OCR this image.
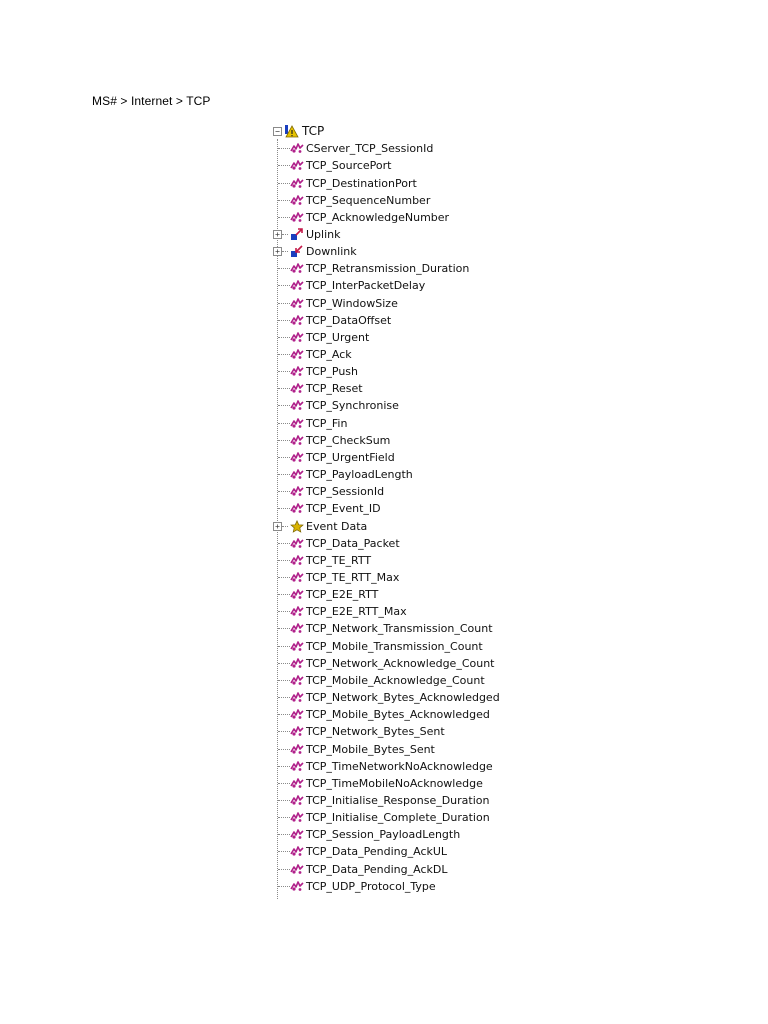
MS# > Internet > TCP
− TCP
CServer_TCP_SessionId
TCP_SourcePort
TCP_DestinationPort
TCP_SequenceNumber
TCP_AcknowledgeNumber
+ Uplink
+ Downlink
TCP_Retransmission_Duration
TCP_InterPacketDelay
TCP_WindowSize
TCP_DataOffset
TCP_Urgent
TCP_Ack
TCP_Push
TCP_Reset
TCP_Synchronise
TCP_Fin
TCP_CheckSum
TCP_UrgentField
TCP_PayloadLength
TCP_SessionId
TCP_Event_ID
+ Event Data
TCP_Data_Packet
TCP_TE_RTT
TCP_TE_RTT_Max
TCP_E2E_RTT
TCP_E2E_RTT_Max
TCP_Network_Transmission_Count
TCP_Mobile_Transmission_Count
TCP_Network_Acknowledge_Count
TCP_Mobile_Acknowledge_Count
TCP_Network_Bytes_Acknowledged
TCP_Mobile_Bytes_Acknowledged
TCP_Network_Bytes_Sent
TCP_Mobile_Bytes_Sent
TCP_TimeNetworkNoAcknowledge
TCP_TimeMobileNoAcknowledge
TCP_Initialise_Response_Duration
TCP_Initialise_Complete_Duration
TCP_Session_PayloadLength
TCP_Data_Pending_AckUL
TCP_Data_Pending_AckDL
TCP_UDP_Protocol_Type
